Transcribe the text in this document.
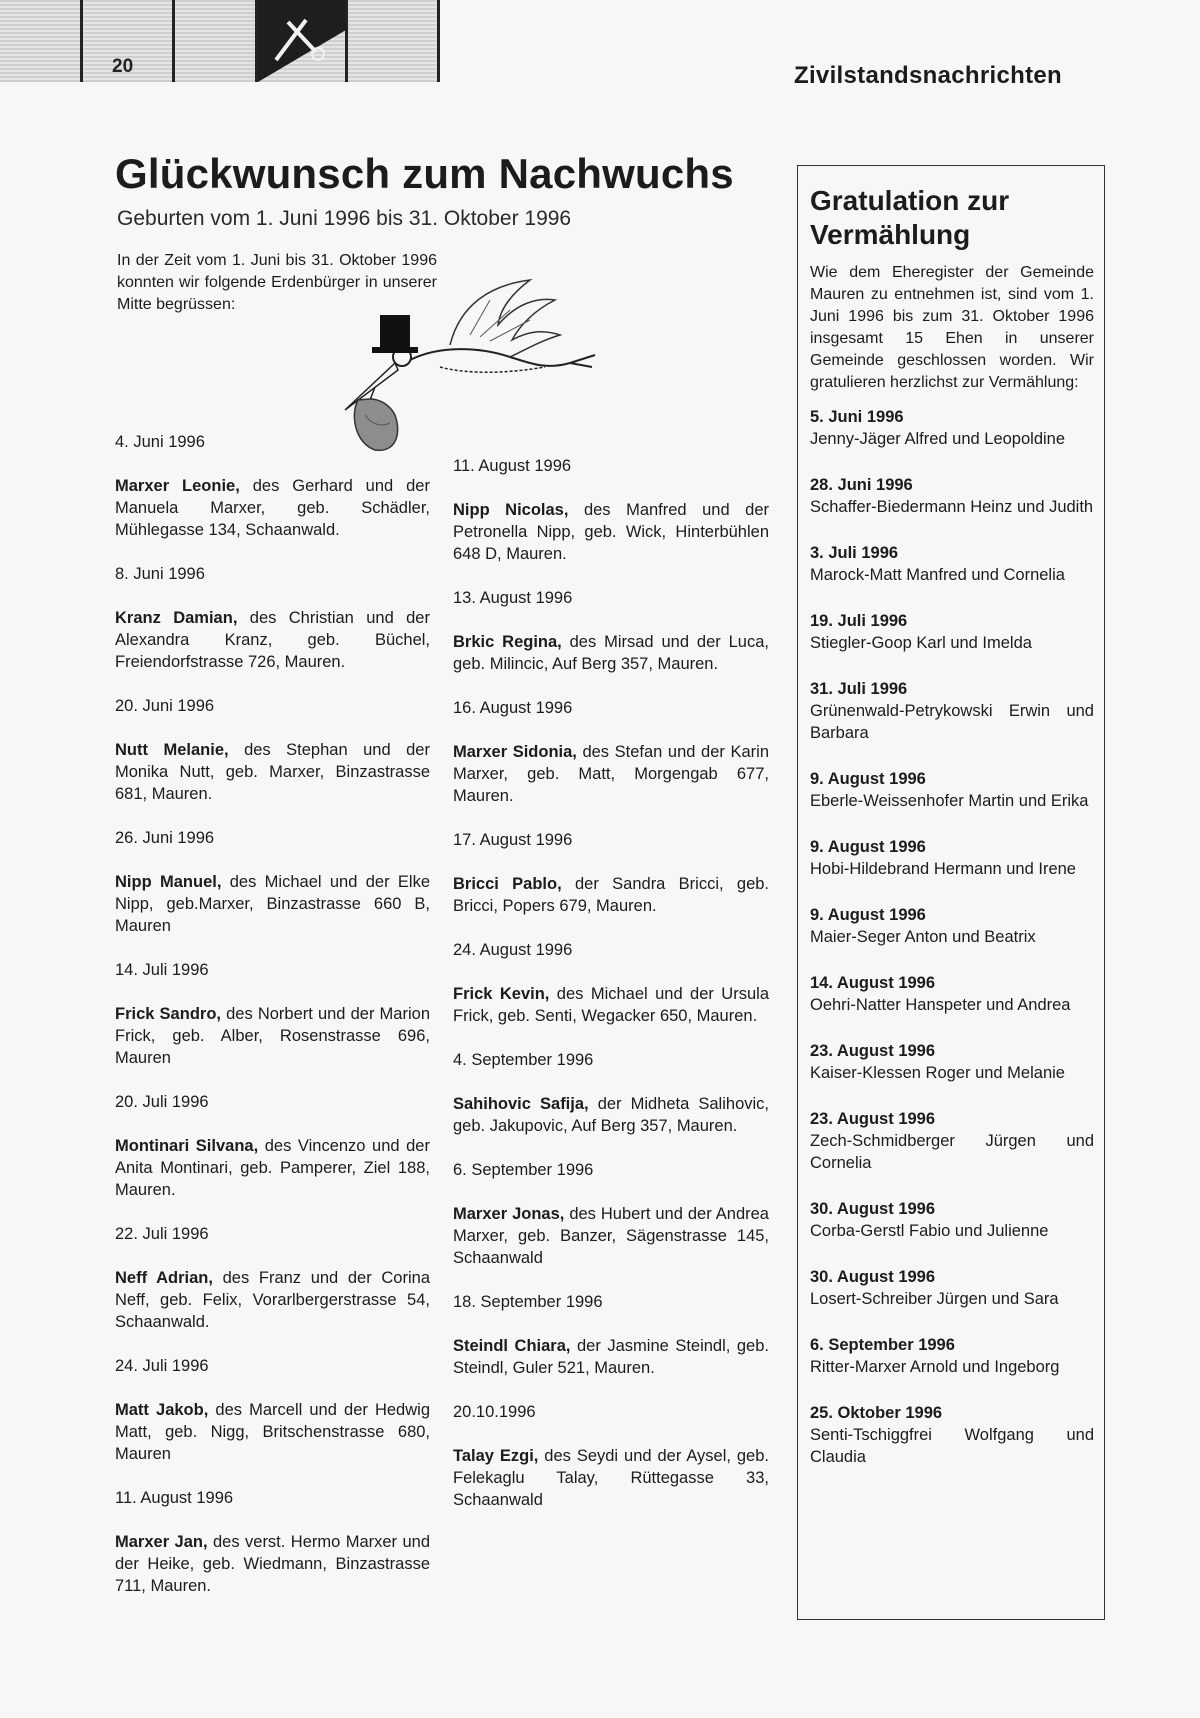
20	Zivilstandsnachrichten
Glückwunsch zum Nachwuchs
Geburten vom 1. Juni 1996 bis 31. Oktober 1996
In der Zeit vom 1. Juni bis 31. Oktober 1996 konnten wir folgende Erdenbürger in unserer Mitte begrüssen:

4. Juni 1996

Marxer Leonie, des Gerhard und der Manuela Marxer, geb. Schädler, Mühlegasse 134, Schaanwald.

8. Juni 1996

Kranz Damian, des Christian und der Alexandra Kranz, geb. Büchel, Freiendorfstrasse 726, Mauren.

20. Juni 1996

Nutt Melanie, des Stephan und der Monika Nutt, geb. Marxer, Binzastrasse 681, Mauren.

26. Juni 1996

Nipp Manuel, des Michael und der Elke Nipp, geb.Marxer, Binzastrasse 660 B, Mauren

14. Juli 1996

Frick Sandro, des Norbert und der Marion Frick, geb. Alber, Rosenstrasse 696, Mauren

20. Juli 1996

Montinari Silvana, des Vincenzo und der Anita Montinari, geb. Pamperer, Ziel 188, Mauren.

22. Juli 1996

Neff Adrian, des Franz und der Corina Neff, geb. Felix, Vorarlbergerstrasse 54, Schaanwald.

24. Juli 1996

Matt Jakob, des Marcell und der Hedwig Matt, geb. Nigg, Britschenstrasse 680, Mauren

11. August 1996

Marxer Jan, des verst. Hermo Marxer und der Heike, geb. Wiedmann, Binzastrasse 711, Mauren.

11. August 1996

Nipp Nicolas, des Manfred und der Petronella Nipp, geb. Wick, Hinterbühlen 648 D, Mauren.

13. August 1996

Brkic Regina, des Mirsad und der Luca, geb. Milincic, Auf Berg 357, Mauren.

16. August 1996

Marxer Sidonia, des Stefan und der Karin Marxer, geb. Matt, Morgengab 677, Mauren.

17. August 1996

Bricci Pablo, der Sandra Bricci, geb. Bricci, Popers 679, Mauren.

24. August 1996

Frick Kevin, des Michael und der Ursula Frick, geb. Senti, Wegacker 650, Mauren.

4. September 1996

Sahihovic Safija, der Midheta Salihovic, geb. Jakupovic, Auf Berg 357, Mauren.

6. September 1996

Marxer Jonas, des Hubert und der Andrea Marxer, geb. Banzer, Sägenstrasse 145, Schaanwald

18. September 1996

Steindl Chiara, der Jasmine Steindl, geb. Steindl, Guler 521, Mauren.

20.10.1996

Talay Ezgi, des Seydi und der Aysel, geb. Felekaglu Talay, Rüttegasse 33, Schaanwald

Gratulation zur Vermählung
Wie dem Eheregister der Gemeinde Mauren zu entnehmen ist, sind vom 1. Juni 1996 bis zum 31. Oktober 1996 insgesamt 15 Ehen in unserer Gemeinde geschlossen worden. Wir gratulieren herzlichst zur Vermählung:
5. Juni 1996
Jenny-Jäger Alfred und Leopoldine
28. Juni 1996
Schaffer-Biedermann Heinz und Judith
3. Juli 1996
Marock-Matt Manfred und Cornelia
19. Juli 1996
Stiegler-Goop Karl und Imelda
31. Juli 1996
Grünenwald-Petrykowski Erwin und Barbara
9. August 1996
Eberle-Weissenhofer Martin und Erika
9. August 1996
Hobi-Hildebrand Hermann und Irene
9. August 1996
Maier-Seger Anton und Beatrix
14. August 1996
Oehri-Natter Hanspeter und Andrea
23. August 1996
Kaiser-Klessen Roger und Melanie
23. August 1996
Zech-Schmidberger Jürgen und Cornelia
30. August 1996
Corba-Gerstl Fabio und Julienne
30. August 1996
Losert-Schreiber Jürgen und Sara
6. September 1996
Ritter-Marxer Arnold und Ingeborg
25. Oktober 1996
Senti-Tschiggfrei Wolfgang und Claudia
